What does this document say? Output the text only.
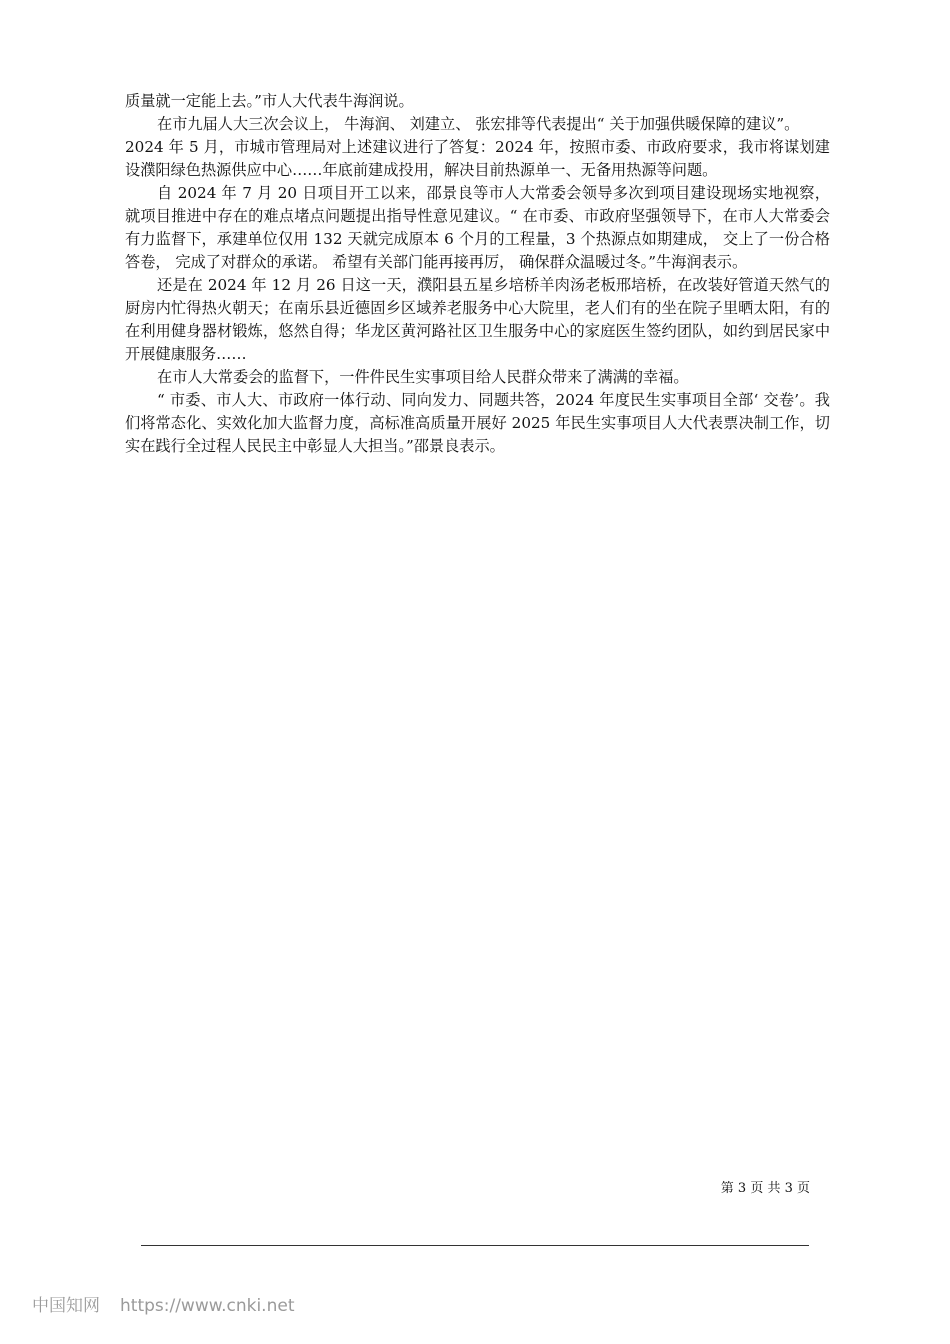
质量就一定能上去。”市人大代表牛海润说。

在市九届人大三次会议上， 牛海润、 刘建立、 张宏排等代表提出“ 关于加强供暖保障的建议”。

2024 年 5 月，市城市管理局对上述建议进行了答复：2024 年，按照市委、市政府要求，我市将谋划建设濮阳绿色热源供应中心……年底前建成投用，解决目前热源单一、无备用热源等问题。

自 2024 年 7 月 20 日项目开工以来，邵景良等市人大常委会领导多次到项目建设现场实地视察，就项目推进中存在的难点堵点问题提出指导性意见建议。“ 在市委、市政府坚强领导下，在市人大常委会有力监督下，承建单位仅用 132 天就完成原本 6 个月的工程量，3 个热源点如期建成， 交上了一份合格答卷， 完成了对群众的承诺。 希望有关部门能再接再厉， 确保群众温暖过冬。”牛海润表示。

还是在 2024 年 12 月 26 日这一天，濮阳县五星乡培桥羊肉汤老板邢培桥，在改装好管道天然气的厨房内忙得热火朝天；在南乐县近德固乡区域养老服务中心大院里，老人们有的坐在院子里晒太阳，有的在利用健身器材锻炼，悠然自得；华龙区黄河路社区卫生服务中心的家庭医生签约团队，如约到居民家中开展健康服务……

在市人大常委会的监督下，一件件民生实事项目给人民群众带来了满满的幸福。

“ 市委、市人大、市政府一体行动、同向发力、同题共答，2024 年度民生实事项目全部‘ 交卷’。我们将常态化、实效化加大监督力度，高标准高质量开展好 2025 年民生实事项目人大代表票决制工作，切实在践行全过程人民民主中彰显人大担当。”邵景良表示。

第 3 页 共 3 页
中国知网 https://www.cnki.net
